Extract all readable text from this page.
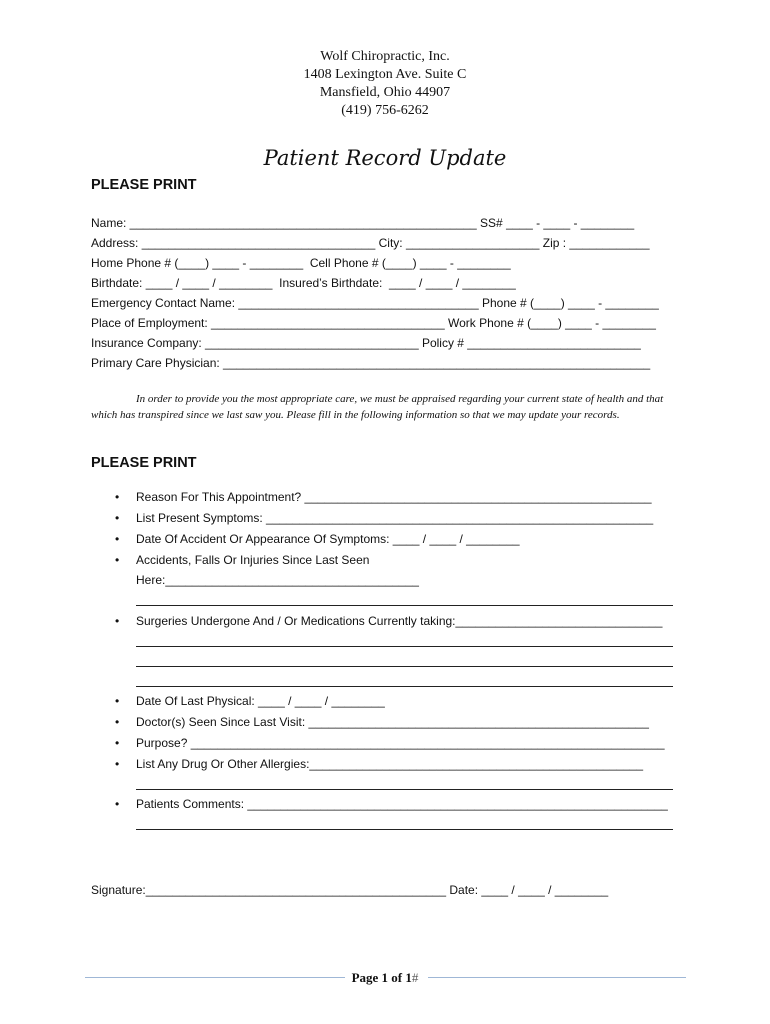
Wolf Chiropractic, Inc.
1408 Lexington Ave. Suite C
Mansfield, Ohio 44907
(419) 756-6262
Patient Record Update
PLEASE PRINT
Name: ____________________________________________________ SS# ____ - ____ - ________
Address: ___________________________________ City: ____________________ Zip : ____________
Home Phone # (____) ____ - ________  Cell Phone # (____) ____ - ________
Birthdate: ____ / ____ / ________  Insured’s Birthdate:  ____ / ____ / ________
Emergency Contact Name: ____________________________________ Phone # (____) ____ - ________
Place of Employment: ___________________________________ Work Phone # (____) ____ - ________
Insurance Company: ________________________________ Policy # __________________________
Primary Care Physician: ________________________________________________________________
In order to provide you the most appropriate care, we must be appraised regarding your current state of health and that which has transpired since we last saw you. Please fill in the following information so that we may update your records.
PLEASE PRINT
• Reason For This Appointment? ____________________________________________________
• List Present Symptoms: __________________________________________________________
• Date Of Accident Or Appearance Of Symptoms: ____ / ____ / ________
• Accidents, Falls Or Injuries Since Last Seen
Here:______________________________________
• Surgeries Undergone And / Or Medications Currently taking:_______________________________
• Date Of Last Physical: ____ / ____ / ________
• Doctor(s) Seen Since Last Visit: ___________________________________________________
• Purpose? _______________________________________________________________________
• List Any Drug Or Other Allergies:__________________________________________________
• Patients Comments: _______________________________________________________________
Signature:_____________________________________________ Date: ____ / ____ / ________
Page 1 of 1#
